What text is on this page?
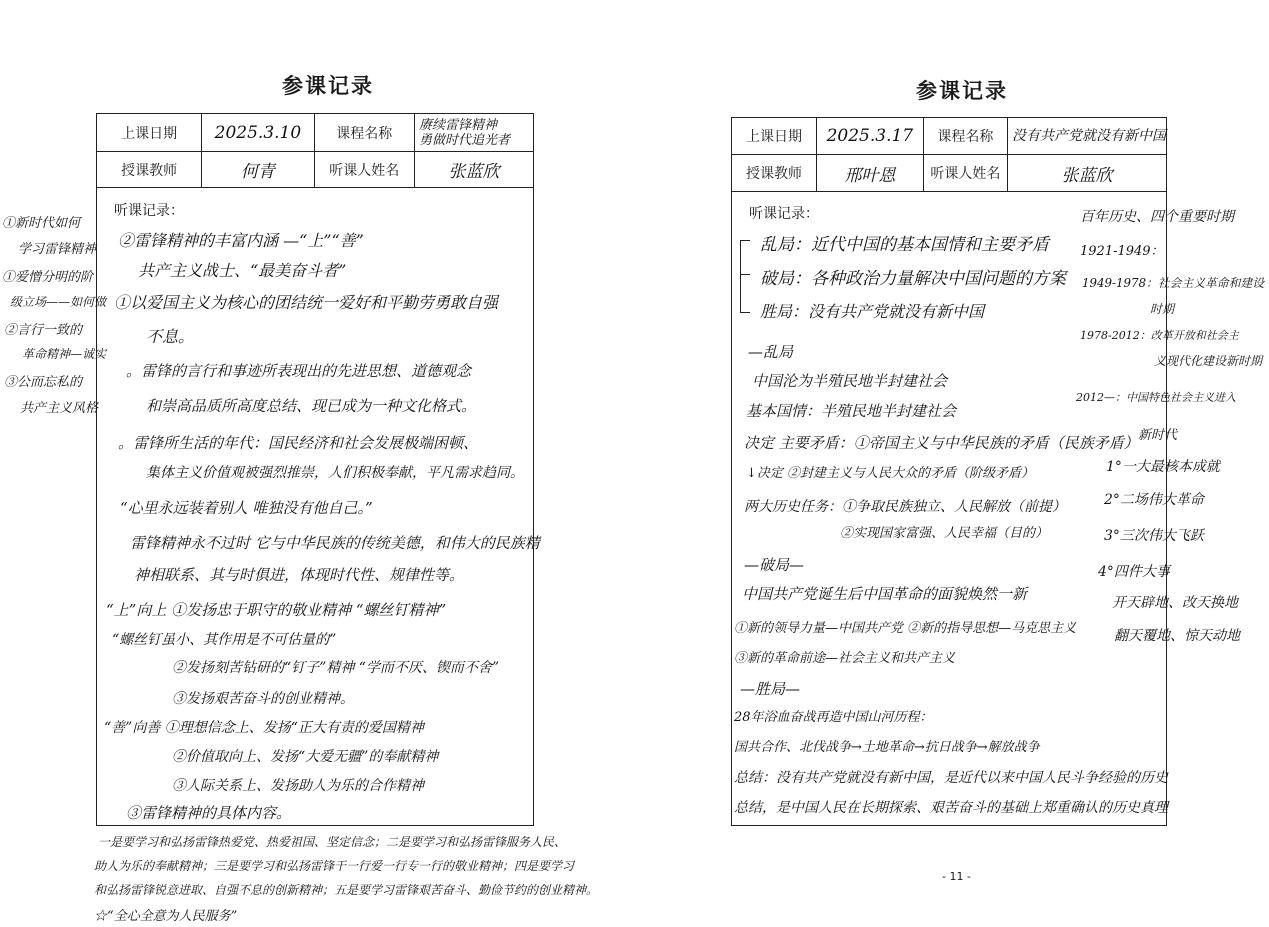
参课记录
上课日期	2025.3.10	课程名称	赓续雷锋精神
勇做时代追光者

授课教师	何青	听课人姓名	张蓝欣
听课记录：
②雷锋精神的丰富内涵 —“上”“善”
共产主义战士、“最美奋斗者”
①以爱国主义为核心的团结统一爱好和平勤劳勇敢自强
不息。
。雷锋的言行和事迹所表现出的先进思想、道德观念
和崇高品质所高度总结、现已成为一种文化格式。
。雷锋所生活的年代：国民经济和社会发展极端困顿、
集体主义价值观被强烈推崇，人们积极奉献，平凡需求趋同。
“心里永远装着别人 唯独没有他自己。”
雷锋精神永不过时 它与中华民族的传统美德，和伟大的民族精
神相联系、其与时俱进，体现时代性、规律性等。
“上”向上 ①发扬忠于职守的敬业精神 “螺丝钉精神”
“螺丝钉虽小、其作用是不可估量的”
②发扬刻苦钻研的“钉子”精神 “学而不厌、锲而不舍”
③发扬艰苦奋斗的创业精神。
“善”向善 ①理想信念上、发扬“正大有责的爱国精神
②价值取向上、发扬“大爱无疆”的奉献精神
③人际关系上、发扬助人为乐的合作精神
③雷锋精神的具体内容。
①新时代如何
学习雷锋精神
①爱憎分明的阶
级立场——如何做
②言行一致的
革命精神—诚实
③公而忘私的
共产主义风格
一是要学习和弘扬雷锋热爱党、热爱祖国、坚定信念；二是要学习和弘扬雷锋服务人民、
助人为乐的奉献精神；三是要学习和弘扬雷锋干一行爱一行专一行的敬业精神；四是要学习
和弘扬雷锋锐意进取、自强不息的创新精神；五是要学习雷锋艰苦奋斗、勤俭节约的创业精神。
☆“全心全意为人民服务”
参课记录
上课日期	2025.3.17	课程名称	没有共产党就没有新中国
授课教师	邢叶恩	听课人姓名	张蓝欣
听课记录：
乱局：近代中国的基本国情和主要矛盾
破局：各种政治力量解决中国问题的方案
胜局：没有共产党就没有新中国
—乱局
中国沦为半殖民地半封建社会
基本国情：半殖民地半封建社会
决定 主要矛盾：①帝国主义与中华民族的矛盾（民族矛盾）
↓决定 ②封建主义与人民大众的矛盾（阶级矛盾）
两大历史任务：①争取民族独立、人民解放（前提）
②实现国家富强、人民幸福（目的）
—破局—
中国共产党诞生后中国革命的面貌焕然一新
①新的领导力量—中国共产党 ②新的指导思想—马克思主义
③新的革命前途—社会主义和共产主义
—胜局—
28年浴血奋战再造中国山河历程：
国共合作、北伐战争→土地革命→抗日战争→解放战争
总结：没有共产党就没有新中国，是近代以来中国人民斗争经验的历史
总结，是中国人民在长期探索、艰苦奋斗的基础上郑重确认的历史真理
百年历史、四个重要时期
1921-1949：
1949-1978：社会主义革命和建设
时期
1978-2012：改革开放和社会主
义现代化建设新时期
2012—：中国特色社会主义进入
新时代
1°一大最核本成就
2°二场伟大革命
3°三次伟大飞跃
4°四件大事
开天辟地、改天换地
翻天覆地、惊天动地
- 11 -
